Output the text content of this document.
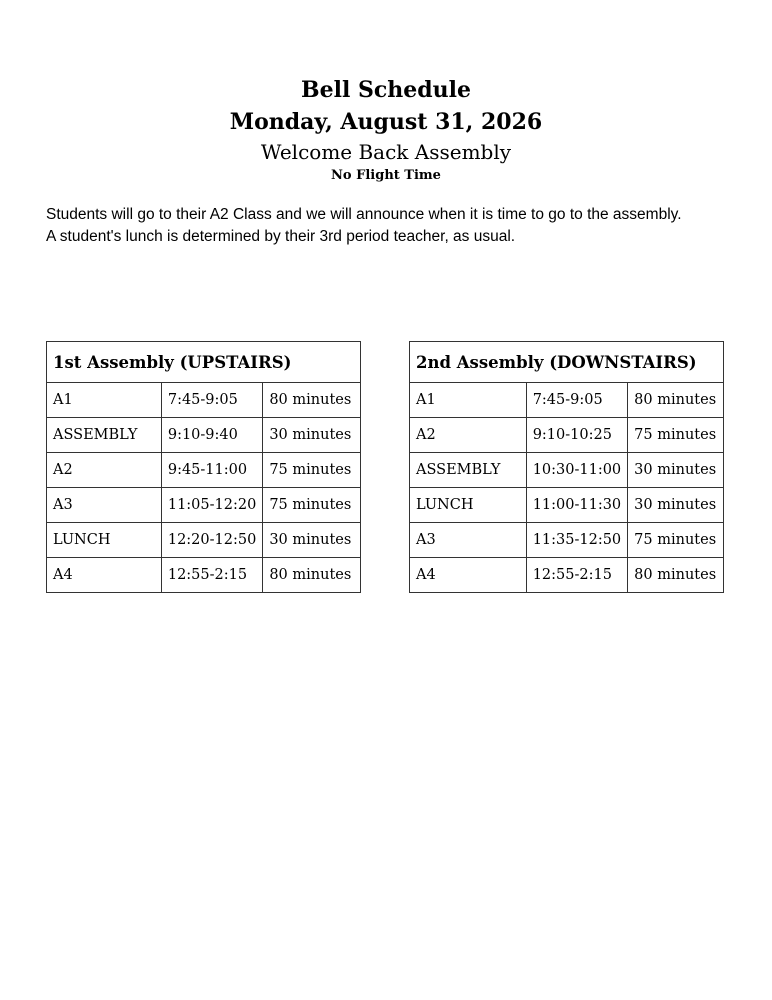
Bell Schedule

Monday, August 31, 2026

Welcome Back Assembly

No Flight Time

Students will go to their A2 Class and we will announce when it is time to go to the assembly.

A student's lunch is determined by their 3rd period teacher, as usual.

1st Assembly (UPSTAIRS)		
A1	7:45-9:05	80 minutes
ASSEMBLY	9:10-9:40	30 minutes
A2	9:45-11:00	75 minutes
A3	11:05-12:20	75 minutes
LUNCH	12:20-12:50	30 minutes
A4	12:55-2:15	80 minutes
2nd Assembly (DOWNSTAIRS)		
A1	7:45-9:05	80 minutes
A2	9:10-10:25	75 minutes
ASSEMBLY	10:30-11:00	30 minutes
LUNCH	11:00-11:30	30 minutes
A3	11:35-12:50	75 minutes
A4	12:55-2:15	80 minutes
